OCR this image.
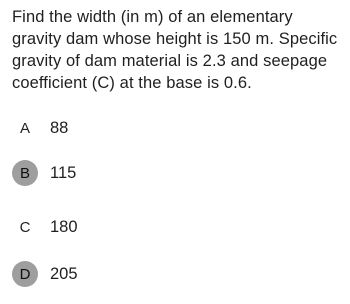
Find the width (in m) of an elementary
gravity dam whose height is 150 m. Specific
gravity of dam material is 2.3 and seepage
coefficient (C) at the base is 0.6.
A	88
B	115
C	180
D	205
